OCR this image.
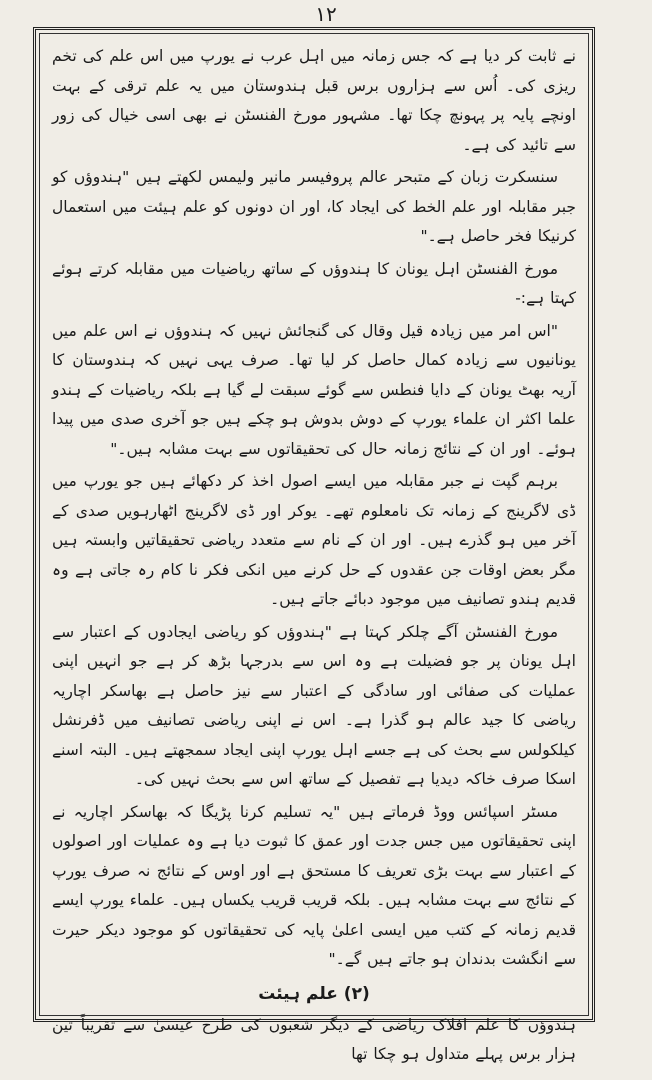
۱۲

نے ثابت کر دیا ہے کہ جس زمانہ میں اہل عرب نے یورپ میں اس علم کی تخم ریزی کی۔ اُس سے ہزاروں برس قبل ہندوستان میں یہ علم ترقی کے بہت اونچے پایہ پر پہونچ چکا تھا۔ مشہور مورخ الفنسٹن نے بھی اسی خیال کی زور سے تائید کی ہے۔

سنسکرت زبان کے متبحر عالم پروفیسر مانیر ولیمس لکھتے ہیں "ہندوؤں کو جبر مقابلہ اور علم الخط کی ایجاد کا، اور ان دونوں کو علم ہیئت میں استعمال کرنیکا فخر حاصل ہے۔"

مورخ الفنسٹن اہل یونان کا ہندوؤں کے ساتھ ریاضیات میں مقابلہ کرتے ہوئے کہتا ہے:-

"اس امر میں زیادہ قیل وقال کی گنجائش نہیں کہ ہندوؤں نے اس علم میں یونانیوں سے زیادہ کمال حاصل کر لیا تھا۔ صرف یہی نہیں کہ ہندوستان کا آریہ بھٹ یونان کے دایا فنطس سے گوئے سبقت لے گیا ہے بلکہ ریاضیات کے ہندو علما اکثر ان علماء یورپ کے دوش بدوش ہو چکے ہیں جو آخری صدی میں پیدا ہوئے۔ اور ان کے نتائج زمانہ حال کی تحقیقاتوں سے بہت مشابہ ہیں۔"

برہم گپت نے جبر مقابلہ میں ایسے اصول اخذ کر دکھائے ہیں جو یورپ میں ڈی لاگرینج کے زمانہ تک نامعلوم تھے۔ یوکر اور ڈی لاگرینج اٹھارہویں صدی کے آخر میں ہو گذرے ہیں۔ اور ان کے نام سے متعدد ریاضی تحقیقاتیں وابستہ ہیں مگر بعض اوقات جن عقدوں کے حل کرنے میں انکی فکر نا کام رہ جاتی ہے وہ قدیم ہندو تصانیف میں موجود دبائے جاتے ہیں۔

مورخ الفنسٹن آگے چلکر کہتا ہے "ہندوؤں کو ریاضی ایجادوں کے اعتبار سے اہل یونان پر جو فضیلت ہے وہ اس سے بدرجہا بڑھ کر ہے جو انہیں اپنی عملیات کی صفائی اور سادگی کے اعتبار سے نیز حاصل ہے بھاسکر اچاریہ ریاضی کا جید عالم ہو گذرا ہے۔ اس نے اپنی ریاضی تصانیف میں ڈفرنشل کیلکولس سے بحث کی ہے جسے اہل یورپ اپنی ایجاد سمجھتے ہیں۔ البتہ اسنے اسکا صرف خاکہ دیدیا ہے تفصیل کے ساتھ اس سے بحث نہیں کی۔

مسٹر اسپائس ووڈ فرماتے ہیں "یہ تسلیم کرنا پڑیگا کہ بھاسکر اچاریہ نے اپنی تحقیقاتوں میں جس جدت اور عمق کا ثبوت دیا ہے وہ عملیات اور اصولوں کے اعتبار سے بہت بڑی تعریف کا مستحق ہے اور اوس کے نتائج نہ صرف یورپ کے نتائج سے بہت مشابہ ہیں۔ بلکہ قریب قریب یکساں ہیں۔ علماء یورپ ایسے قدیم زمانہ کے کتب میں ایسی اعلیٰ پایہ کی تحقیقاتوں کو موجود دیکر حیرت سے انگشت بدندان ہو جاتے ہیں گے۔"

(۲) علم ہیئت

ہندوؤں کا علم افلاک ریاضی کے دیگر شعبوں کی طرح عیسیٰ سے تقریباً تین ہزار برس پہلے متداول ہو چکا تھا
